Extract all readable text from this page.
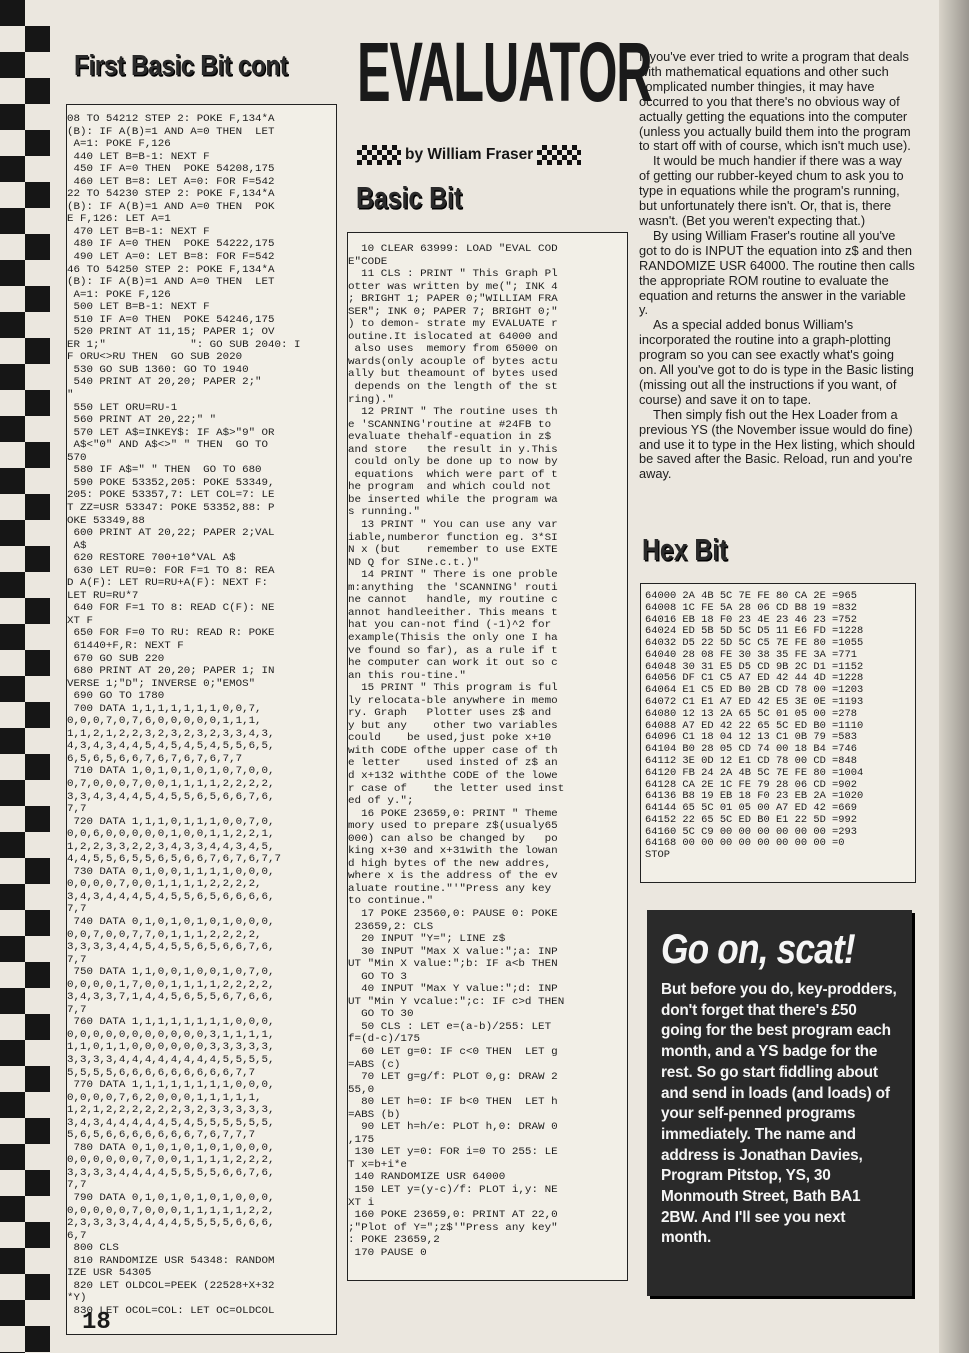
First Basic Bit cont
08 TO 54212 STEP 2: POKE F,134*A
(B): IF A(B)=1 AND A=0 THEN  LET
A=1: POKE F,126
440 LET B=B-1: NEXT F
450 IF A=0 THEN  POKE 54208,175
460 LET B=8: LET A=0: FOR F=542
22 TO 54230 STEP 2: POKE F,134*A
(B): IF A(B)=1 AND A=0 THEN  POK
E F,126: LET A=1
470 LET B=B-1: NEXT F
480 IF A=0 THEN  POKE 54222,175
490 LET A=0: LET B=8: FOR F=542
46 TO 54250 STEP 2: POKE F,134*A
(B): IF A(B)=1 AND A=0 THEN  LET
A=1: POKE F,126
500 LET B=B-1: NEXT F
510 IF A=0 THEN  POKE 54246,175
520 PRINT AT 11,15; PAPER 1; OV
ER 1;"             ": GO SUB 2040: I
F ORU<>RU THEN  GO SUB 2020
530 GO SUB 1360: GO TO 1940
540 PRINT AT 20,20; PAPER 2;"
"
550 LET ORU=RU-1
560 PRINT AT 20,22;" "
570 LET A$=INKEY$: IF A$>"9" OR
A$<"0" AND A$<>" " THEN  GO TO
570
580 IF A$=" " THEN  GO TO 680
590 POKE 53352,205: POKE 53349,
205: POKE 53357,7: LET COL=7: LE
T ZZ=USR 53347: POKE 53352,88: P
OKE 53349,88
600 PRINT AT 20,22; PAPER 2;VAL
A$
620 RESTORE 700+10*VAL A$
630 LET RU=0: FOR F=1 TO 8: REA
D A(F): LET RU=RU+A(F): NEXT F:
LET RU=RU*7
640 FOR F=1 TO 8: READ C(F): NE
XT F
650 FOR F=0 TO RU: READ R: POKE
61440+F,R: NEXT F
670 GO SUB 220
680 PRINT AT 20,20; PAPER 1; IN
VERSE 1;"D"; INVERSE 0;"EMOS"
690 GO TO 1780
700 DATA 1,1,1,1,1,1,1,0,0,7,
0,0,0,7,0,7,6,0,0,0,0,0,1,1,1,
1,1,2,1,2,2,3,2,3,2,3,2,3,3,4,3,
4,3,4,3,4,4,5,4,5,4,5,4,5,5,6,5,
6,5,6,5,6,6,7,6,7,6,7,6,7,7
710 DATA 1,0,1,0,1,0,1,0,7,0,0,
0,7,0,0,0,7,0,0,1,1,1,1,2,2,2,2,
3,3,4,3,4,4,5,4,5,5,6,5,6,6,7,6,
7,7
720 DATA 1,1,1,0,1,1,1,0,0,7,0,
0,0,6,0,0,0,0,0,1,0,0,1,1,2,2,1,
1,2,2,3,3,2,2,3,4,3,3,4,4,3,4,5,
4,4,5,5,6,5,5,6,5,6,6,7,6,7,6,7,7
730 DATA 0,1,0,0,1,1,1,1,0,0,0,
0,0,0,0,7,0,0,1,1,1,1,2,2,2,2,
3,4,3,4,4,4,5,4,5,5,6,5,6,6,6,6,
7,7
740 DATA 0,1,0,1,0,1,0,1,0,0,0,
0,0,7,0,0,7,7,0,1,1,1,2,2,2,2,
3,3,3,3,4,4,5,4,5,5,6,5,6,6,7,6,
7,7
750 DATA 1,1,0,0,1,0,0,1,0,7,0,
0,0,0,0,1,7,0,0,1,1,1,1,2,2,2,2,
3,4,3,3,7,1,4,4,5,6,5,5,6,7,6,6,
7,7
760 DATA 1,1,1,1,1,1,1,1,0,0,0,
0,0,0,0,0,0,0,0,0,0,0,3,1,1,1,1,
1,1,0,1,1,0,0,0,0,0,0,3,3,3,3,3,
3,3,3,3,4,4,4,4,4,4,4,4,5,5,5,5,
5,5,5,5,6,6,6,6,6,6,6,6,6,7,7
770 DATA 1,1,1,1,1,1,1,1,0,0,0,
0,0,0,0,7,6,2,0,0,0,1,1,1,1,1,
1,2,1,2,2,2,2,2,2,3,2,3,3,3,3,3,
3,4,3,4,4,4,4,4,5,4,5,5,5,5,5,5,
5,6,5,6,6,6,6,6,6,6,7,6,7,7,7
780 DATA 0,1,0,1,0,1,0,1,0,0,0,
0,0,0,0,0,0,7,0,0,1,1,1,1,2,2,2,
3,3,3,3,4,4,4,4,5,5,5,5,6,6,7,6,
7,7
790 DATA 0,1,0,1,0,1,0,1,0,0,0,
0,0,0,0,0,7,0,0,0,1,1,1,1,1,2,2,
2,3,3,3,3,4,4,4,4,5,5,5,5,6,6,6,
6,7
800 CLS
810 RANDOMIZE USR 54348: RANDOM
IZE USR 54305
820 LET OLDCOL=PEEK (22528+X+32
*Y)
830 LET OCOL=COL: LET OC=OLDCOL
EVALUATOR
by William Fraser
Basic Bit
10 CLEAR 63999: LOAD "EVAL COD
E"CODE
11 CLS : PRINT " This Graph Pl
otter was written by me("; INK 4
; BRIGHT 1; PAPER 0;"WILLIAM FRA
SER"; INK 0; PAPER 7; BRIGHT 0;"
) to demon- strate my EVALUATE r
outine.It islocated at 64000 and
also uses  memory from 65000 on
wards(only acouple of bytes actu
ally but theamount of bytes used
depends on the length of the st
ring)."
12 PRINT " The routine uses th
e 'SCANNING'routine at #24FB to
evaluate thehalf-equation in z$
and store   the result in y.This
could only be done up to now by
equations  which were part of t
he program  and which could not
be inserted while the program wa
s running."
13 PRINT " You can use any var
iable,numberor function eg. 3*SI
N x (but    remember to use EXTE
ND Q for SINe.c.t.)"
14 PRINT " There is one proble
m:anything  the 'SCANNING' routi
ne cannot   handle, my routine c
annot handleeither. This means t
hat you can-not find (-1)^2 for
example(Thisis the only one I ha
ve found so far), as a rule if t
he computer can work it out so c
an this rou-tine."
15 PRINT " This program is ful
ly relocata-ble anywhere in memo
ry. Graph   Plotter uses z$ and
y but any    other two variables
could    be used,just poke x+10
with CODE ofthe upper case of th
e letter    used insted of z$ an
d x+132 withthe CODE of the lowe
r case of    the letter used inst
ed of y.";
16 POKE 23659,0: PRINT " Theme
mory used to prepare z$(usualy65
000) can also be changed by   po
king x+30 and x+31with the lowan
d high bytes of the new addres,
where x is the address of the ev
aluate routine."'"Press any key
to continue."
17 POKE 23560,0: PAUSE 0: POKE
23659,2: CLS
20 INPUT "Y="; LINE z$
30 INPUT "Max X value:";a: INP
UT "Min X value:";b: IF a<b THEN
GO TO 3
40 INPUT "Max Y value:";d: INP
UT "Min Y vcalue:";c: IF c>d THEN
GO TO 30
50 CLS : LET e=(a-b)/255: LET
f=(d-c)/175
60 LET g=0: IF c<0 THEN  LET g
=ABS (c)
70 LET g=g/f: PLOT 0,g: DRAW 2
55,0
80 LET h=0: IF b<0 THEN  LET h
=ABS (b)
90 LET h=h/e: PLOT h,0: DRAW 0
,175
130 LET y=0: FOR i=0 TO 255: LE
T x=b+i*e
140 RANDOMIZE USR 64000
150 LET y=(y-c)/f: PLOT i,y: NE
XT i
160 POKE 23659,0: PRINT AT 22,0
;"Plot of Y=";z$'"Press any key"
: POKE 23659,2
170 PAUSE 0

If you've ever tried to write a program that deals with mathematical equations and other such complicated number thingies, it may have occurred to you that there's no obvious way of actually getting the equations into the computer (unless you actually build them into the program to start off with of course, which isn't much use).

It would be much handier if there was a way of getting our rubber-keyed chum to ask you to type in equations while the program's running, but unfortunately there isn't. Or, that is, there wasn't. (Bet you weren't expecting that.)

By using William Fraser's routine all you've got to do is INPUT the equation into z$ and then RANDOMIZE USR 64000. The routine then calls the appropriate ROM routine to evaluate the equation and returns the answer in the variable y.

As a special added bonus William's incorporated the routine into a graph-plotting program so you can see exactly what's going on. All you've got to do is type in the Basic listing (missing out all the instructions if you want, of course) and save it on to tape.

Then simply fish out the Hex Loader from a previous YS (the November issue would do fine) and use it to type in the Hex listing, which should be saved after the Basic. Reload, run and you're away.

Hex Bit
64000 2A 4B 5C 7E FE 80 CA 2E =965
64008 1C FE 5A 28 06 CD B8 19 =832
64016 EB 18 F0 23 4E 23 46 23 =752
64024 ED 5B 5D 5C D5 11 E6 FD =1228
64032 D5 22 5D 5C C5 7E FE 80 =1055
64040 28 08 FE 30 38 35 FE 3A =771
64048 30 31 E5 D5 CD 9B 2C D1 =1152
64056 DF C1 C5 A7 ED 42 44 4D =1228
64064 E1 C5 ED B0 2B CD 78 00 =1203
64072 C1 E1 A7 ED 42 E5 3E 0E =1193
64080 12 13 2A 65 5C 01 05 00 =278
64088 A7 ED 42 22 65 5C ED B0 =1110
64096 C1 18 04 12 13 C1 0B 79 =583
64104 B0 28 05 CD 74 00 18 B4 =746
64112 3E 0D 12 E1 CD 78 00 CD =848
64120 FB 24 2A 4B 5C 7E FE 80 =1004
64128 CA 2E 1C FE 79 28 06 CD =902
64136 B8 19 EB 18 F0 23 EB 2A =1020
64144 65 5C 01 05 00 A7 ED 42 =669
64152 22 65 5C ED B0 E1 22 5D =992
64160 5C C9 00 00 00 00 00 00 =293
64168 00 00 00 00 00 00 00 00 =0
STOP
Go on, scat!

But before you do, key-prodders, don't forget that there's £50 going for the best program each month, and a YS badge for the rest. So go start fiddling about and send in loads (and loads) of your self-penned programs immediately. The name and address is Jonathan Davies, Program Pitstop, YS, 30 Monmouth Street, Bath BA1 2BW. And I'll see you next month.

18
